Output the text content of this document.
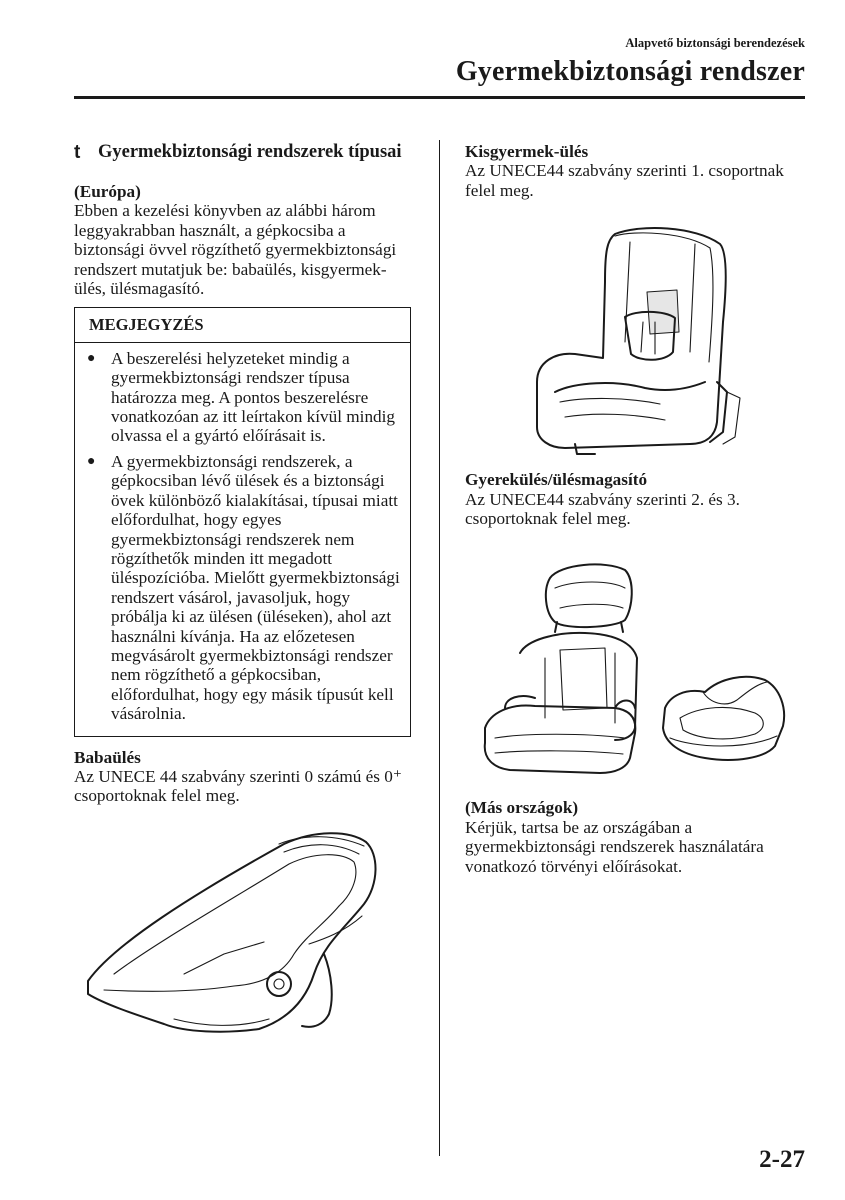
Alapvető biztonsági berendezések
Gyermekbiztonsági rendszer
t Gyermekbiztonsági rendszerek típusai

(Európa)

Ebben a kezelési könyvben az alábbi három leggyakrabban használt, a gépkocsiba a biztonsági övvel rögzíthető gyermekbiztonsági rendszert mutatjuk be: babaülés, kisgyermek-ülés, ülésmagasító.

MEGJEGYZÉS
● A beszerelési helyzeteket mindig a gyermekbiztonsági rendszer típusa határozza meg. A pontos beszerelésre vonatkozóan az itt leírtakon kívül mindig olvassa el a gyártó előírásait is.
● A gyermekbiztonsági rendszerek, a gépkocsiban lévő ülések és a biztonsági övek különböző kialakításai, típusai miatt előfordulhat, hogy egyes gyermekbiztonsági rendszerek nem rögzíthetők minden itt megadott üléspozícióba. Mielőtt gyermekbiztonsági rendszert vásárol, javasoljuk, hogy próbálja ki az ülésen (üléseken), ahol azt használni kívánja. Ha az előzetesen megvásárolt gyermekbiztonsági rendszer nem rögzíthető a gépkocsiban, előfordulhat, hogy egy másik típusút kell vásárolnia.

Babaülés

Az UNECE 44 szabvány szerinti 0 számú és 0⁺ csoportoknak felel meg.

Kisgyermek-ülés

Az UNECE44 szabvány szerinti 1. csoportnak felel meg.

Gyerekülés/ülésmagasító

Az UNECE44 szabvány szerinti 2. és 3. csoportoknak felel meg.

(Más országok)

Kérjük, tartsa be az országában a gyermekbiztonsági rendszerek használatára vonatkozó törvényi előírásokat.

2-27
